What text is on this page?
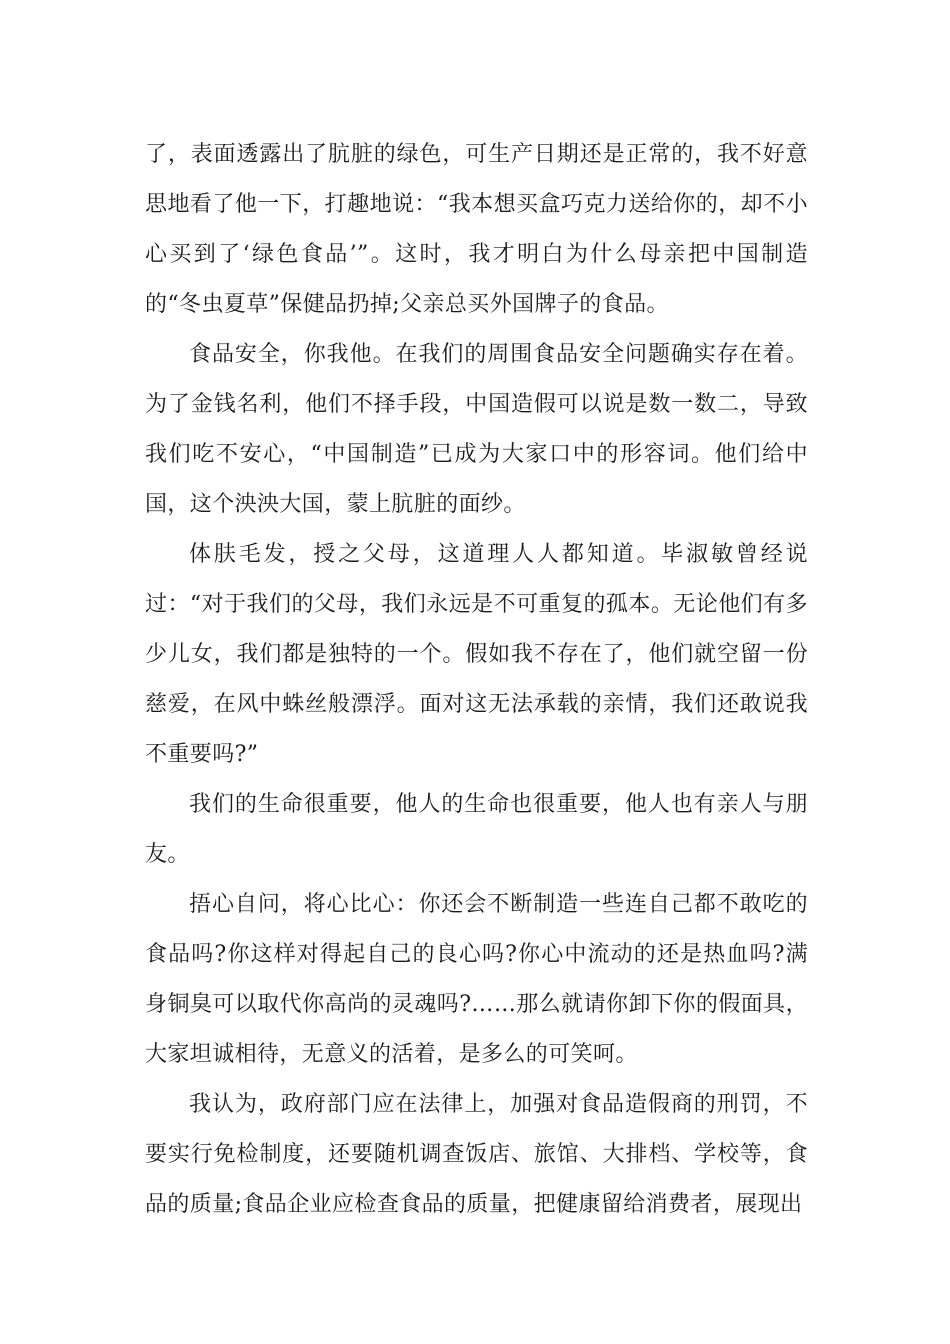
了，表面透露出了肮脏的绿色，可生产日期还是正常的，我不好意思地看了他一下，打趣地说：“我本想买盒巧克力送给你的，却不小心买到了‘绿色食品’”。这时，我才明白为什么母亲把中国制造的“冬虫夏草”保健品扔掉;父亲总买外国牌子的食品。

食品安全，你我他。在我们的周围食品安全问题确实存在着。为了金钱名利，他们不择手段，中国造假可以说是数一数二，导致我们吃不安心，“中国制造”已成为大家口中的形容词。他们给中国，这个泱泱大国，蒙上肮脏的面纱。

体肤毛发，授之父母，这道理人人都知道。毕淑敏曾经说过：“对于我们的父母，我们永远是不可重复的孤本。无论他们有多少儿女，我们都是独特的一个。假如我不存在了，他们就空留一份慈爱，在风中蛛丝般漂浮。面对这无法承载的亲情，我们还敢说我不重要吗?”

我们的生命很重要，他人的生命也很重要，他人也有亲人与朋友。

捂心自问，将心比心：你还会不断制造一些连自己都不敢吃的食品吗?你这样对得起自己的良心吗?你心中流动的还是热血吗?满身铜臭可以取代你高尚的灵魂吗?……那么就请你卸下你的假面具，大家坦诚相待，无意义的活着，是多么的可笑呵。

我认为，政府部门应在法律上，加强对食品造假商的刑罚，不要实行免检制度，还要随机调查饭店、旅馆、大排档、学校等，食品的质量;食品企业应检查食品的质量，把健康留给消费者，展现出
